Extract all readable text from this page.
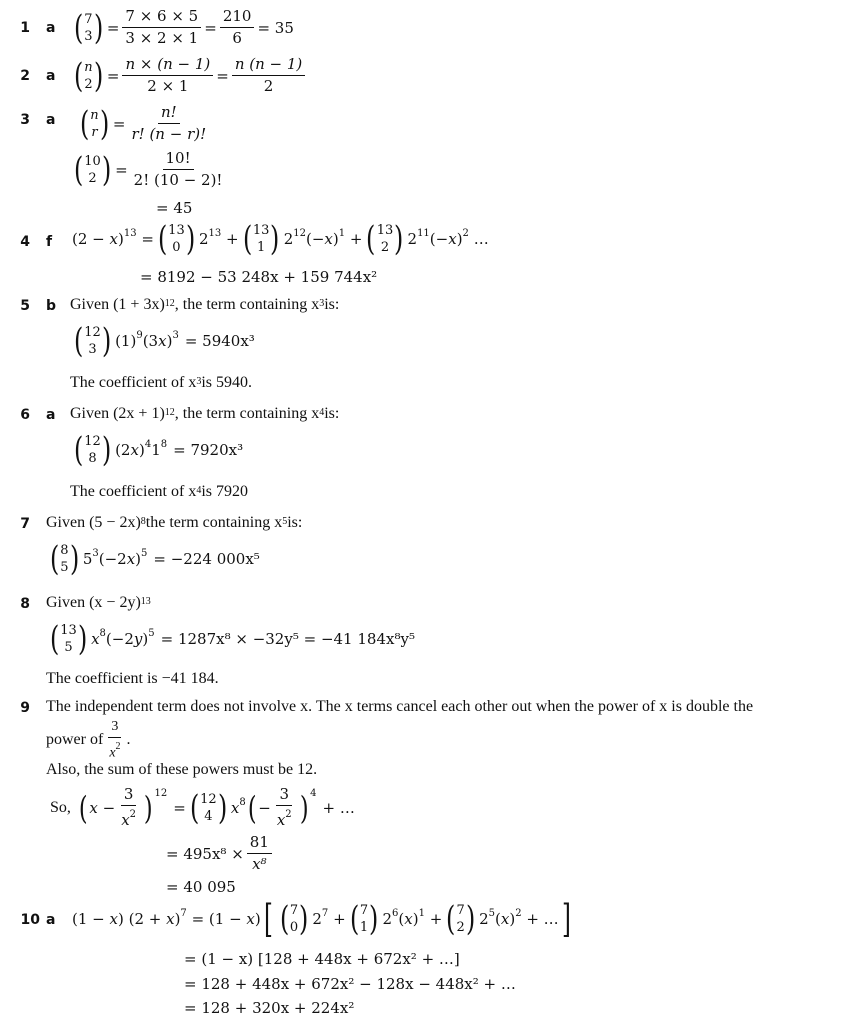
1 a ( 7
3 ) = $\frac{7 \times 6 \times 5}{3 \times 2 \times 1} = \frac{210}{6} = 35$
2 a ( n
2 ) = $\frac{n \times (n - 1)}{2 \times 1} = \frac{n (n - 1)}{2}$
3 a ( n
r ) = $\frac{n!}{r! (n - r)!}$
( 10
2 ) = $\frac{10!}{2! (10 - 2)!}$
= 45
4 f $(2 - x)^{13}$ = ( 13
0 ) $2^{13}$ + ( 13
1 ) $2^{12}(-x)^1$ + ( 13
2 ) $2^{11}(-x)^2$ …
= 8192 − 53 248x + 159 744x²
5 b Given $(1 + 3x)^{12}$ , the term containing $x^3$ is:
( 12
3 ) $(1)^9(3x)^3 = 5940x^3$
The coefficient of $x^3$ is 5940.
6 a Given $(2x + 1)^{12}$ , the term containing $x^4$ is:
( 12
8 ) $(2x)^41^8 = 7920x^3$
The coefficient of $x^4$ is 7920
7 Given $(5 - 2x)^8$ the term containing $x^5$ is:
( 8
5 ) $5^3(-2x)^5 = -224$ 000x⁵
8 Given $(x - 2y)^{13}$
( 13
5 ) $x^8(-2y)^5 = 1287x^8 \times -32y^5 = -41$ 184x⁸y⁵
The coefficient is −41 184.
9 The independent term does not involve x. The x terms cancel each other out when the power of x is double the
power of $\frac{3}{x^2}$ .
Also, the sum of these powers must be 12.
So, ( $x - \frac{3}{x^2} )^{12}$
= ( 12
4 ) $x^8$ ( − $\frac{3}{x^2} )^4$
+ …
= $495x^8 \times \frac{81}{\text{x⁸}}$
= 40 095
10 a (1 − x) $(2 + x)^7 = (1 - x)$ [ ( 7
0 ) $2^7$ + ( 7
1 ) $2^6(x)^1$ + ( 7
2 ) $2^5(x)^2$ + … ]
= (1 − x) [128 + 448x + 672x² + …]
= 128 + 448x + 672x² − 128x − 448x² + …
= 128 + 320x + 224x²
